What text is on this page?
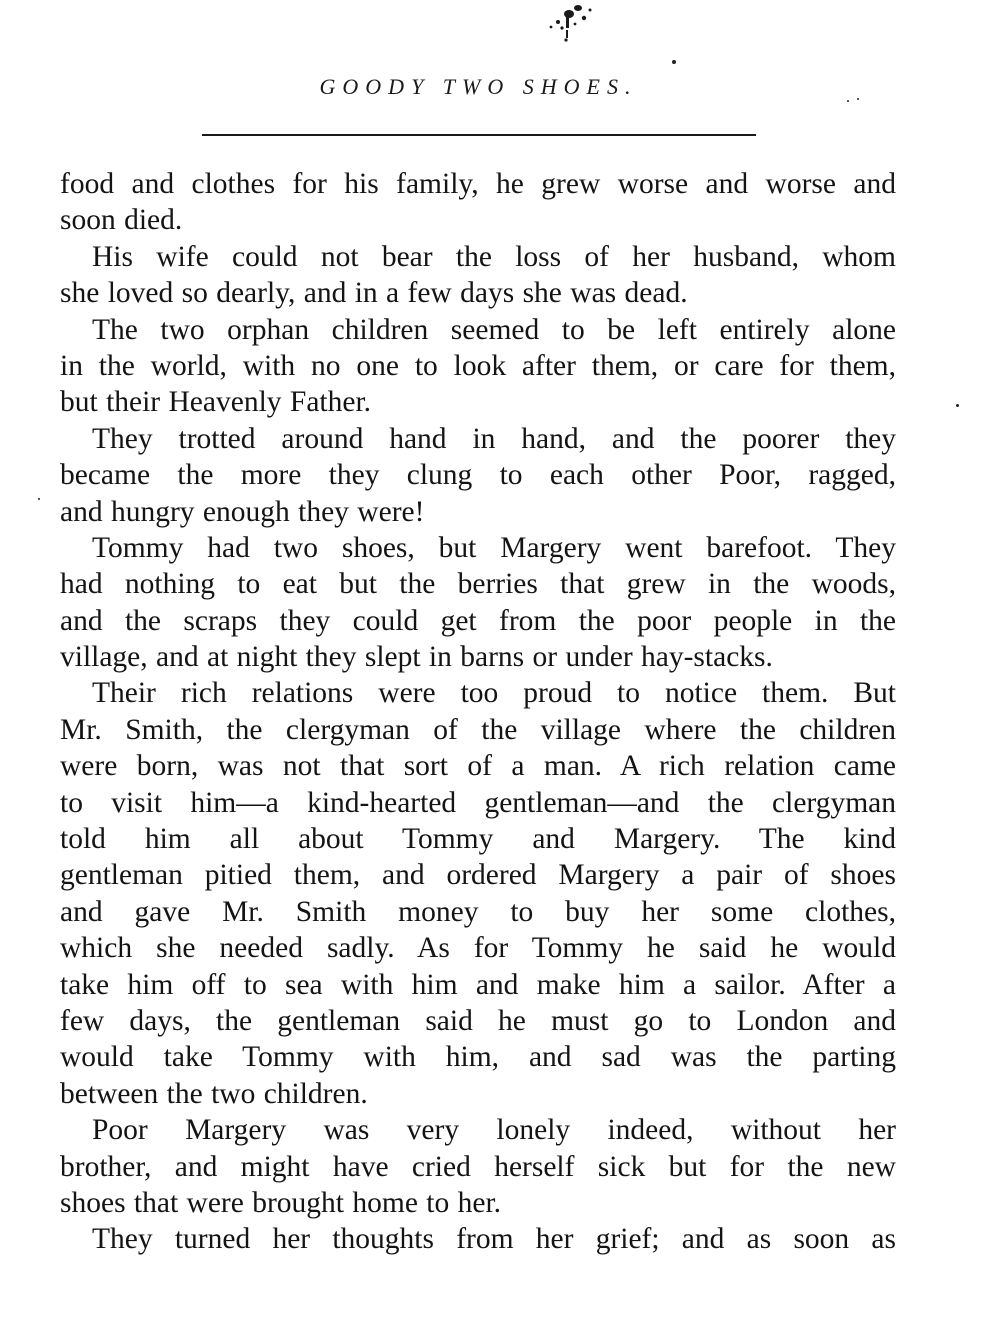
GOODY TWO SHOES.
food and clothes for his family, he grew worse and worse and
soon died.
His wife could not bear the loss of her husband, whom
she loved so dearly, and in a few days she was dead.
The two orphan children seemed to be left entirely alone
in the world, with no one to look after them, or care for them,
but their Heavenly Father.
They trotted around hand in hand, and the poorer they
became the more they clung to each other Poor, ragged,
and hungry enough they were!
Tommy had two shoes, but Margery went barefoot. They
had nothing to eat but the berries that grew in the woods,
and the scraps they could get from the poor people in the
village, and at night they slept in barns or under hay-stacks.
Their rich relations were too proud to notice them. But
Mr. Smith, the clergyman of the village where the children
were born, was not that sort of a man. A rich relation came
to visit him—a kind-hearted gentleman—and the clergyman
told him all about Tommy and Margery. The kind
gentleman pitied them, and ordered Margery a pair of shoes
and gave Mr. Smith money to buy her some clothes,
which she needed sadly. As for Tommy he said he would
take him off to sea with him and make him a sailor. After a
few days, the gentleman said he must go to London and
would take Tommy with him, and sad was the parting
between the two children.
Poor Margery was very lonely indeed, without her
brother, and might have cried herself sick but for the new
shoes that were brought home to her.
They turned her thoughts from her grief; and as soon as
